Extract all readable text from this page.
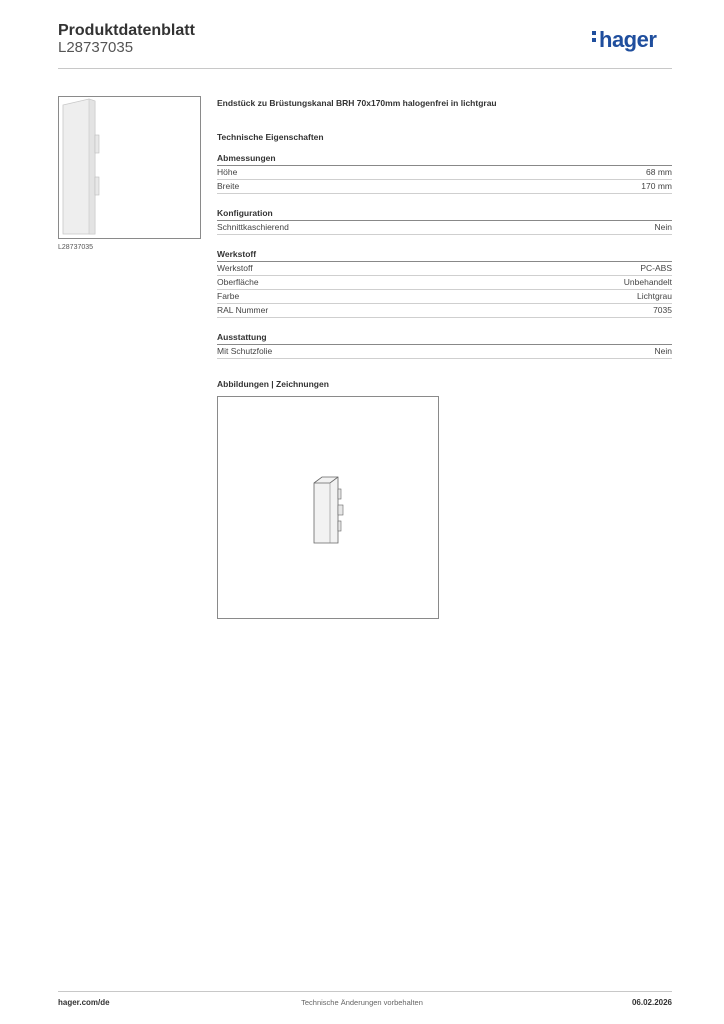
Produktdatenblatt
L28737035	hager
L28737035
Endstück zu Brüstungskanal BRH 70x170mm halogenfrei in lichtgrau
Technische Eigenschaften
Abmessungen
Höhe	68 mm
Breite	170 mm
Konfiguration
Schnittkaschierend	Nein
Werkstoff
Werkstoff	PC-ABS
Oberfläche	Unbehandelt
Farbe	Lichtgrau
RAL Nummer	7035
Ausstattung
Mit Schutzfolie	Nein
Abbildungen | Zeichnungen
hager.com/de	Technische Änderungen vorbehalten	06.02.2026
